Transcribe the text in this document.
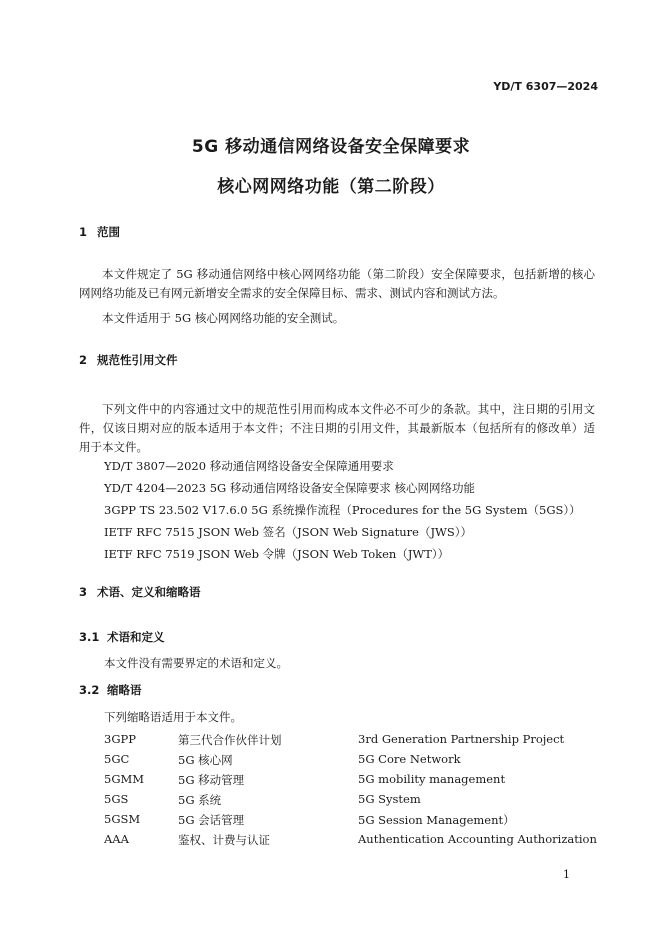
YD/T 6307—2024
5G 移动通信网络设备安全保障要求
核心网网络功能（第二阶段）
1 范围
本文件规定了 5G 移动通信网络中核心网网络功能（第二阶段）安全保障要求，包括新增的核心网网络功能及已有网元新增安全需求的安全保障目标、需求、测试内容和测试方法。
本文件适用于 5G 核心网网络功能的安全测试。
2 规范性引用文件
下列文件中的内容通过文中的规范性引用而构成本文件必不可少的条款。其中，注日期的引用文件，仅该日期对应的版本适用于本文件；不注日期的引用文件，其最新版本（包括所有的修改单）适用于本文件。
YD/T 3807—2020 移动通信网络设备安全保障通用要求
YD/T 4204—2023 5G 移动通信网络设备安全保障要求 核心网网络功能
3GPP TS 23.502 V17.6.0 5G 系统操作流程（Procedures for the 5G System（5GS））
IETF RFC 7515 JSON Web 签名（JSON Web Signature（JWS））
IETF RFC 7519 JSON Web 令牌（JSON Web Token（JWT））
3 术语、定义和缩略语
3.1 术语和定义
本文件没有需要界定的术语和定义。
3.2 缩略语
下列缩略语适用于本文件。
3GPP	第三代合作伙伴计划	3rd Generation Partnership Project
5GC	5G 核心网	5G Core Network
5GMM	5G 移动管理	5G mobility management
5GS	5G 系统	5G System
5GSM	5G 会话管理	5G Session Management）
AAA	鉴权、计费与认证	Authentication Accounting Authorization
1
